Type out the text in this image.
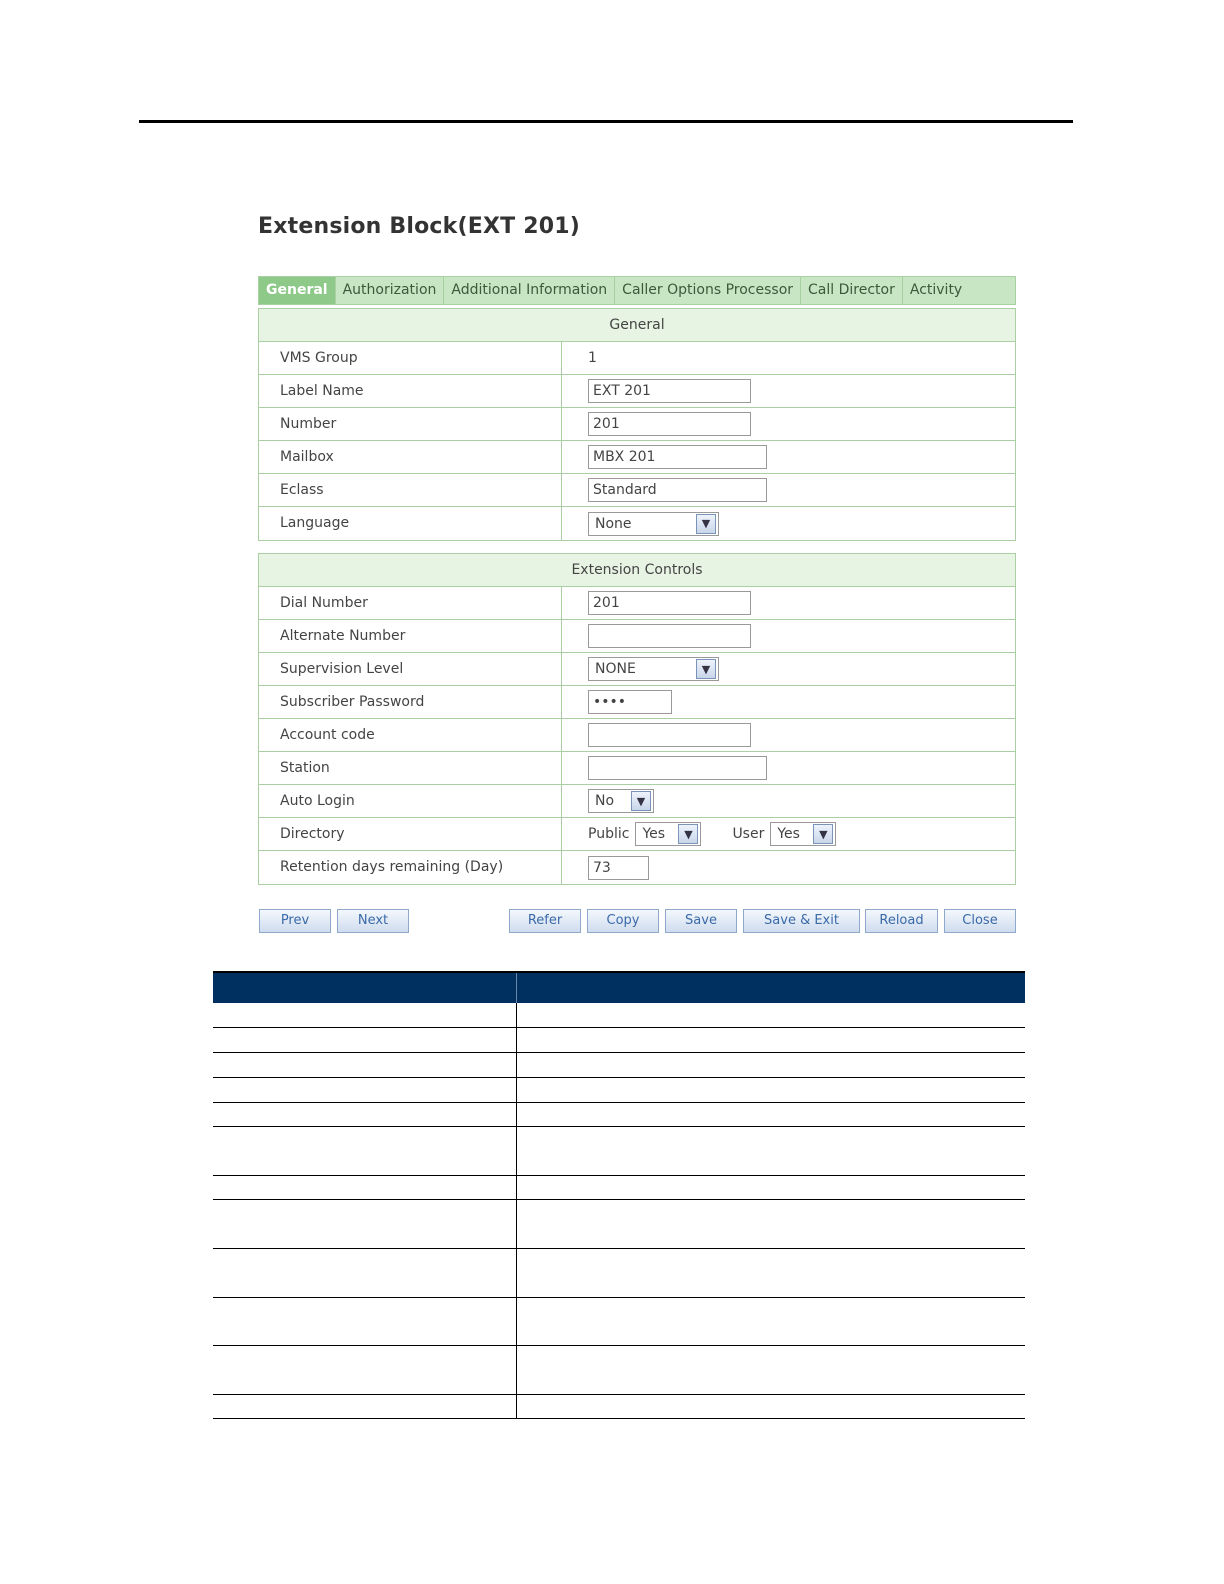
Extension Block(EXT 201)
General	Authorization	Additional Information	Caller Options Processor	Call Director	Activity
General
VMS Group	1
Label Name	EXT 201
Number	201
Mailbox	MBX 201
Eclass	Standard
Language	None	▼
Extension Controls
Dial Number	201
Alternate Number
Supervision Level	NONE	▼
Subscriber Password	••••
Account code
Station
Auto Login	No	▼
Directory	Public Yes	▼	User Yes	▼
Retention days remaining (Day)	73
Prev	Next	Refer	Copy	Save	Save & Exit	Reload	Close
